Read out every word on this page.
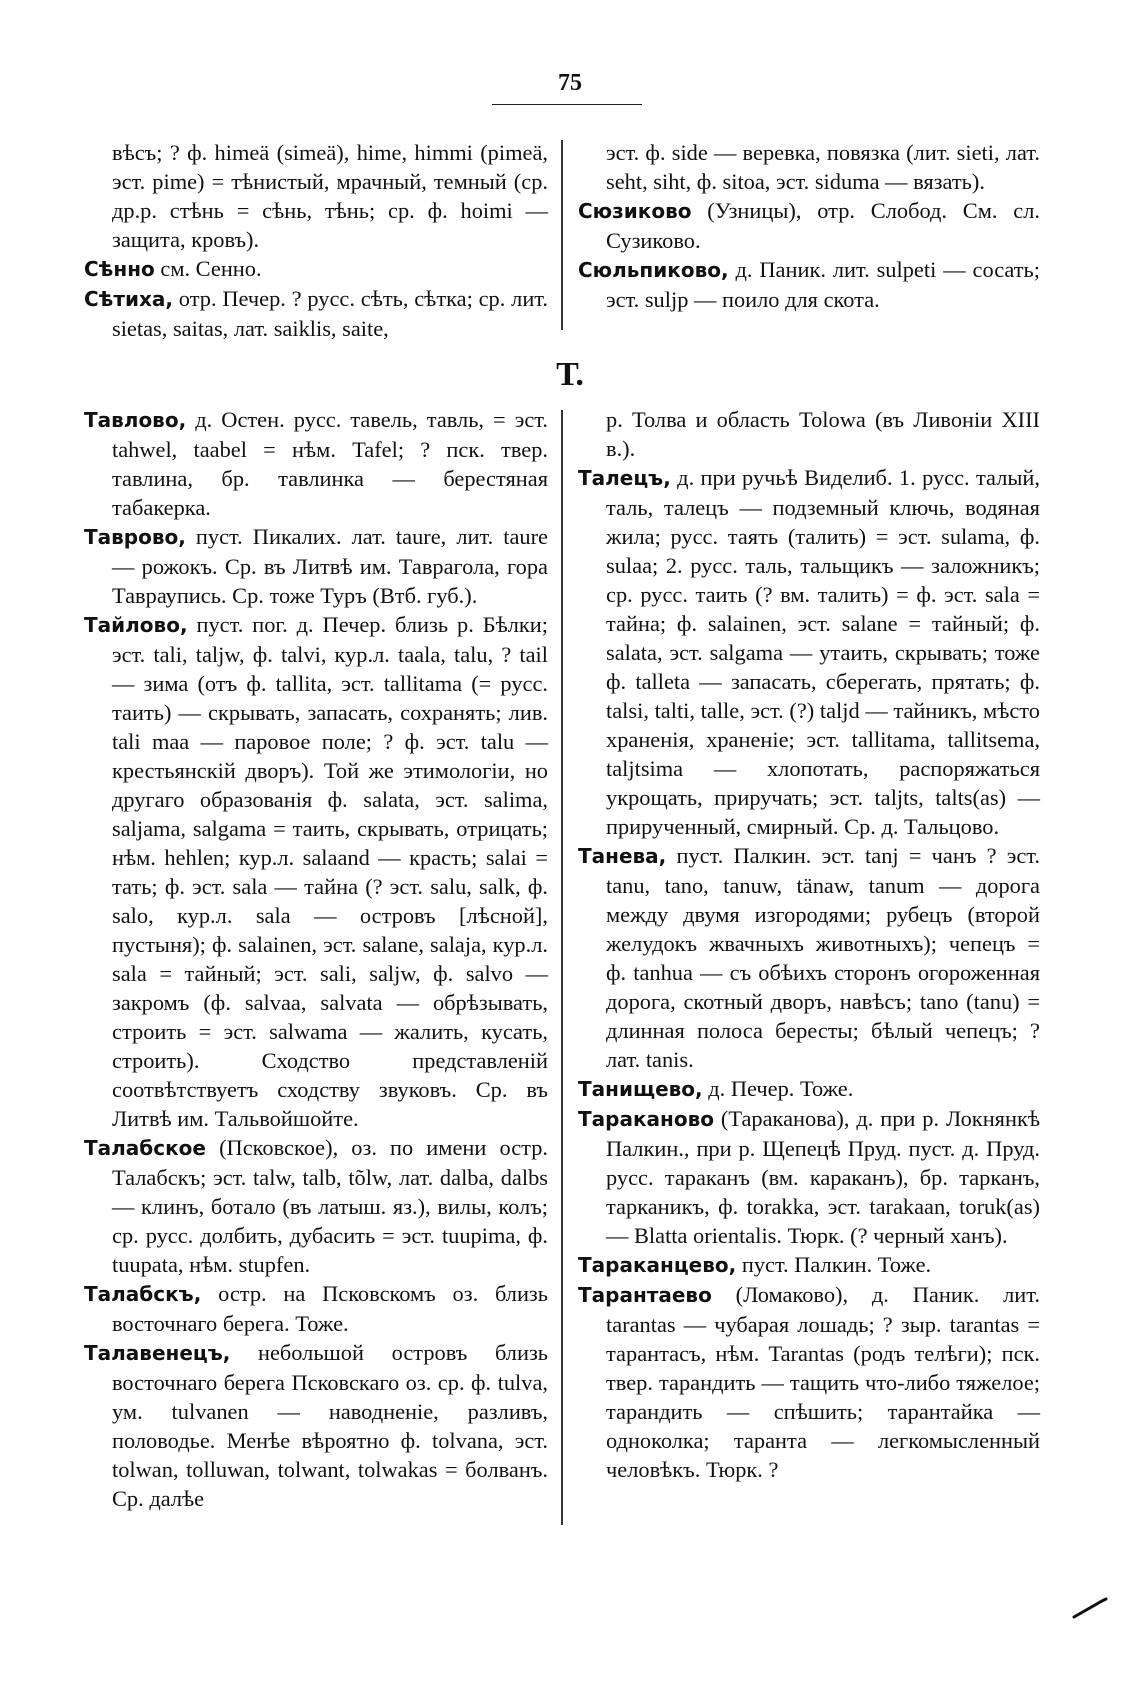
75

вѣсъ; ? ф. himeä (simeä), hime, himmi (pimeä, эст. pime) = тѣнистый, мрачный, темный (ср. др.р. стѣнь = сѣнь, тѣнь; ср. ф. hoimi — защита, кровъ).

Сѣнно см. Сенно.

Сѣтиха, отр. Печер. ? русс. сѣть, сѣтка; ср. лит. sietas, saitas, лат. saiklis, saite,

эст. ф. side — веревка, повязка (лит. sieti, лат. seht, siht, ф. sitoa, эст. siduma — вязать).

Сюзиково (Узницы), отр. Слобод. См. сл. Сузиково.

Сюльпиково, д. Паник. лит. sulpeti — сосать; эст. suljp — поило для скота.

Т.

Тавлово, д. Остен. русс. тавель, тавль, = эст. tahwel, taabel = нѣм. Tafel; ? пск. твер. тавлина, бр. тавлинка — берестяная табакерка.

Таврово, пуст. Пикалих. лат. taure, лит. taure — рожокъ. Ср. въ Литвѣ им. Тавpагола, гора Тавраупись. Ср. тоже Туръ (Втб. губ.).

Тайлово, пуст. пог. д. Печер. близь р. Бѣлки; эст. tali, taljw, ф. talvi, кур.л. taala, talu, ? tail — зима (отъ ф. tallita, эст. tallitama (= русс. таить) — скрывать, запасать, сохранять; лив. tali maa — паровое поле; ? ф. эст. talu — крестьянскій дворъ). Той же этимологіи, но другаго образованія ф. salata, эст. salima, saljama, salgama = таить, скрывать, отрицать; нѣм. hehlen; кур.л. salaand — красть; salai = тать; ф. эст. sala — тайна (? эст. salu, salk, ф. salo, кур.л. sala — островъ [лѣсной], пустыня); ф. salainen, эст. salane, salaja, кур.л. sala = тайный; эст. sali, saljw, ф. salvo — закромъ (ф. salvaa, salvata — обрѣзывать, строить = эст. salwama — жалить, кусать, строить). Сходство представленій соотвѣтствуетъ сходству звуковъ. Ср. въ Литвѣ им. Тальвойшойте.

Талабское (Псковское), оз. по имени остр. Талабскъ; эст. talw, talb, tõlw, лат. dalba, dalbs — клинъ, ботало (въ латыш. яз.), вилы, колъ; ср. русс. долбить, дубасить = эст. tuupima, ф. tuupata, нѣм. stupfen.

Талабскъ, остр. на Псковскомъ оз. близь восточнаго берега. Тоже.

Талавенецъ, небольшой островъ близь восточнаго берега Псковскаго оз. ср. ф. tulva, ум. tulvanen — наводненіе, разливъ, половодье. Менѣе вѣроятно ф. tolvana, эст. tolwan, tolluwan, tolwant, tolwakas = болванъ. Ср. далѣе

р. Толва и область Tolowa (въ Ливоніи XIII в.).

Талецъ, д. при ручьѣ Виделиб. 1. русс. талый, таль, талецъ — подземный ключь, водяная жила; русс. таять (талить) = эст. sulama, ф. sulaa; 2. русс. таль, тальщикъ — заложникъ; ср. русс. таить (? вм. талить) = ф. эст. sala = тайна; ф. salainen, эст. salane = тайный; ф. salata, эст. salgama — утаить, скрывать; тоже ф. talleta — запасать, сберегать, прятать; ф. talsi, talti, talle, эст. (?) taljd — тайникъ, мѣсто храненія, храненіе; эст. tallitama, tallitsema, taljtsima — хлопотать, распоряжаться укрощать, приручать; эст. taljts, talts(as) — прирученный, смирный. Ср. д. Тальцово.

Танева, пуст. Палкин. эст. tanj = чанъ ? эст. tanu, tano, tanuw, tänaw, tanum — дорога между двумя изгородями; рубецъ (второй желудокъ жвачныхъ животныхъ); чепецъ = ф. tanhua — съ обѣихъ сторонъ огороженная дорога, скотный дворъ, навѣсъ; tano (tanu) = длинная полоса бересты; бѣлый чепецъ; ? лат. tanis.

Танищево, д. Печер. Тоже.

Тараканово (Тараканова), д. при р. Локнянкѣ Палкин., при р. Щепецѣ Пруд. пуст. д. Пруд. русс. тараканъ (вм. караканъ), бр. тарканъ, тарканикъ, ф. torakka, эст. tarakaan, toruk(as) — Blatta orientalis. Тюрк. (? черный ханъ).

Тараканцево, пуст. Палкин. Тоже.

Тарантаево (Ломаково), д. Паник. лит. tarantas — чубарая лошадь; ? зыр. tarantas = тарантасъ, нѣм. Tarantas (родъ телѣги); пск. твер. тарандить — тащить что-либо тяжелое; тарандить — спѣшить; тарантайка — одноколка; таранта — легкомысленный человѣкъ. Тюрк. ?
